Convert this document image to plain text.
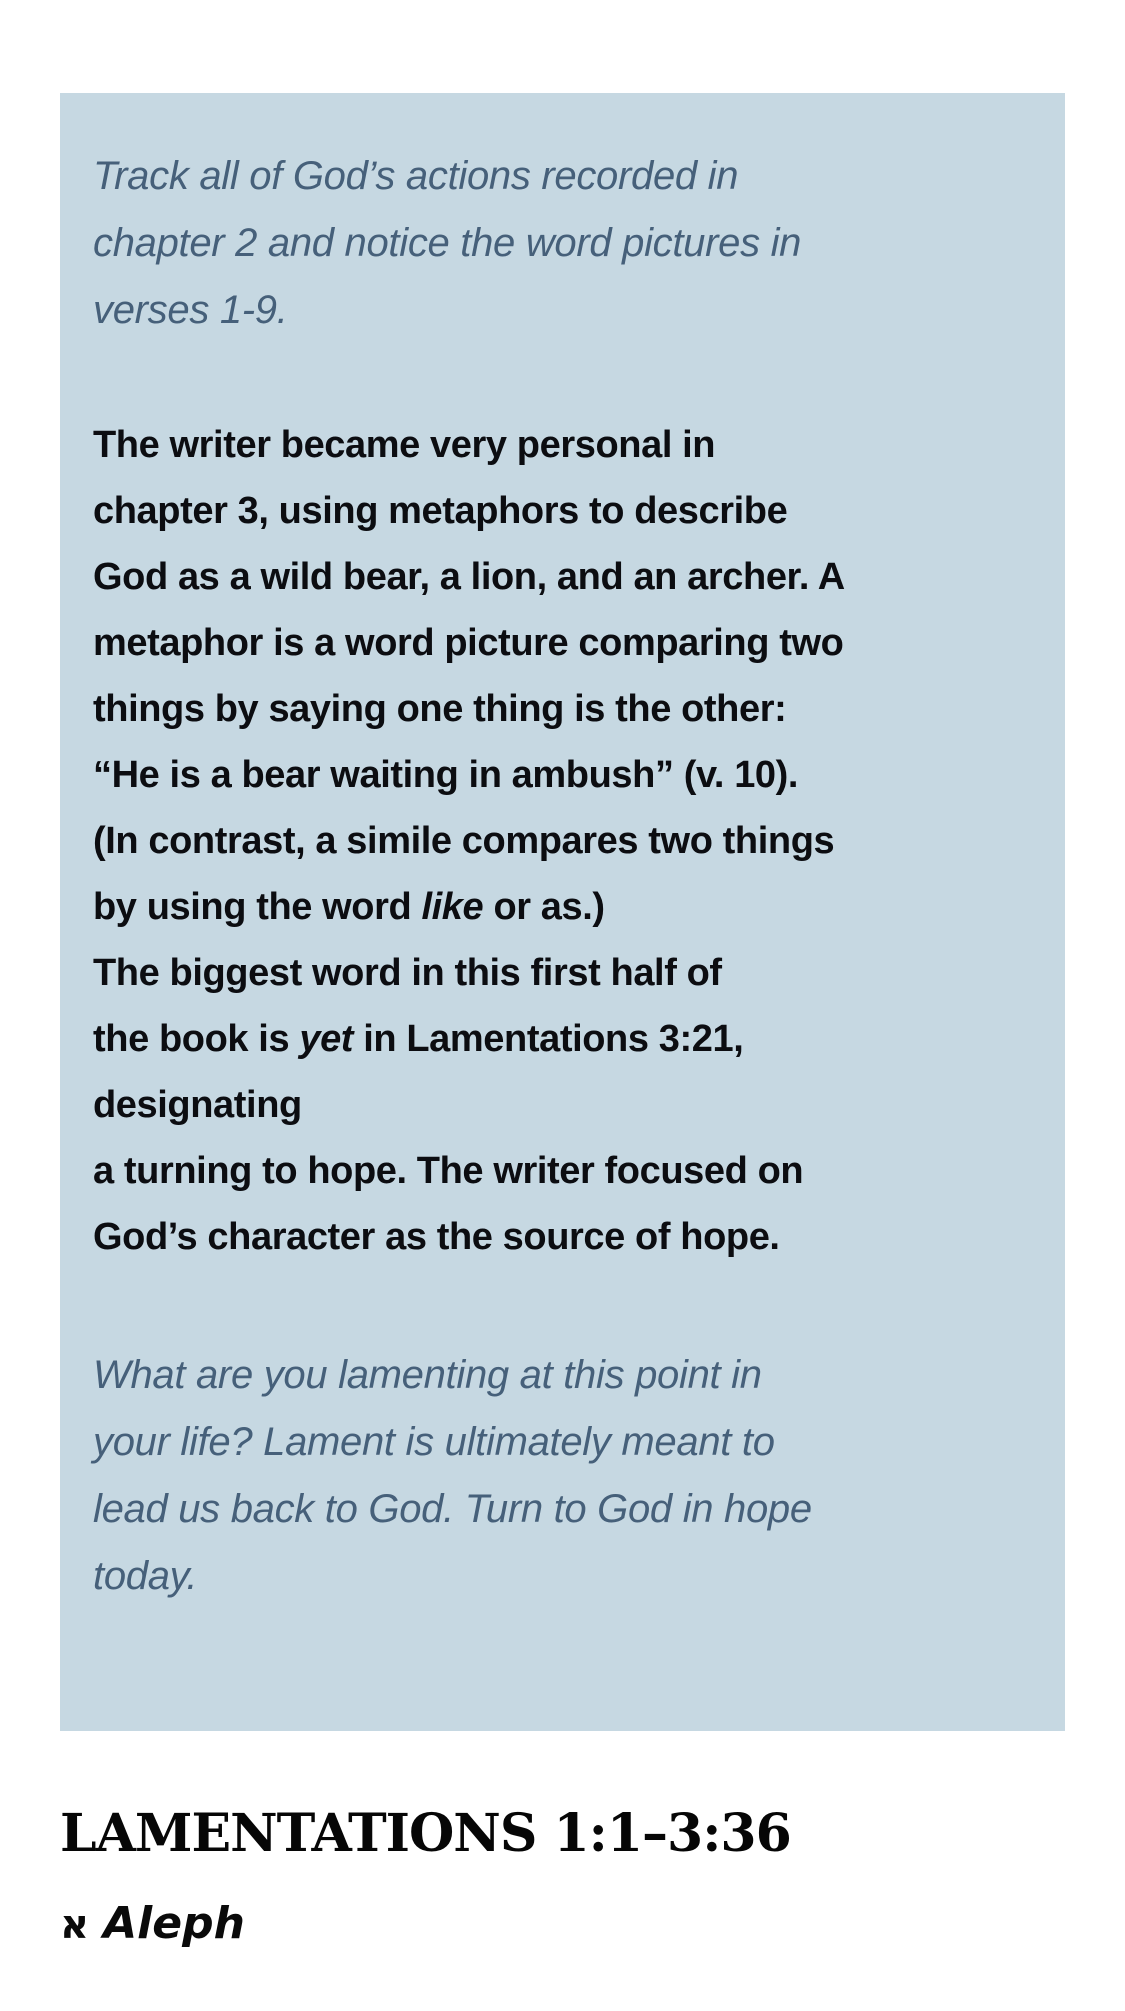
Track all of God’s actions recorded in
chapter 2 and notice the word pictures in
verses 1-9.

The writer became very personal in
chapter 3, using metaphors to describe
God as a wild bear, a lion, and an archer. A
metaphor is a word picture comparing two
things by saying one thing is the other:
“He is a bear waiting in ambush” (v. 10).
(In contrast, a simile compares two things
by using the word like or as.)
The biggest word in this first half of
the book is yet in Lamentations 3:21,
designating
a turning to hope. The writer focused on
God’s character as the source of hope.

What are you lamenting at this point in
your life? Lament is ultimately meant to
lead us back to God. Turn to God in hope
today.

LAMENTATIONS 1:1–3:36
א Aleph
